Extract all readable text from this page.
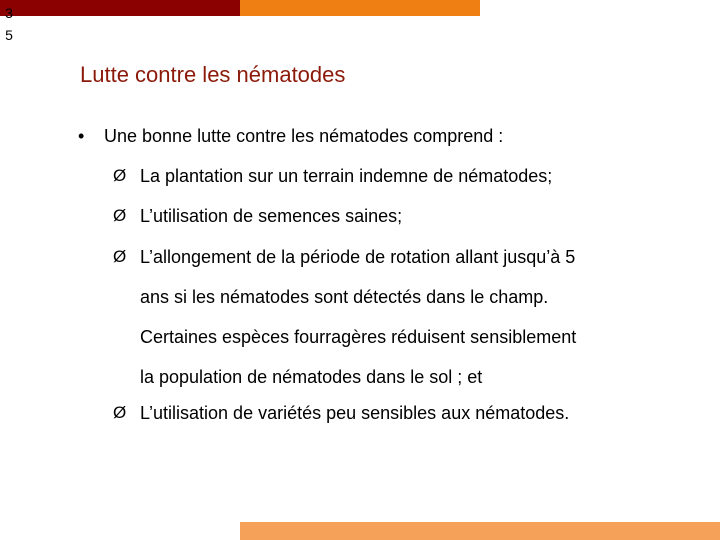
3
5
Lutte contre les nématodes
• Une bonne lutte contre les nématodes comprend :
Ø La plantation sur un terrain indemne de nématodes;
Ø L’utilisation de semences saines;
Ø L’allongement de la période de rotation allant jusqu’à 5
ans si les nématodes sont détectés dans le champ.
Certaines espèces fourragères réduisent sensiblement
la population de nématodes dans le sol ; et
Ø L’utilisation de variétés peu sensibles aux nématodes.
